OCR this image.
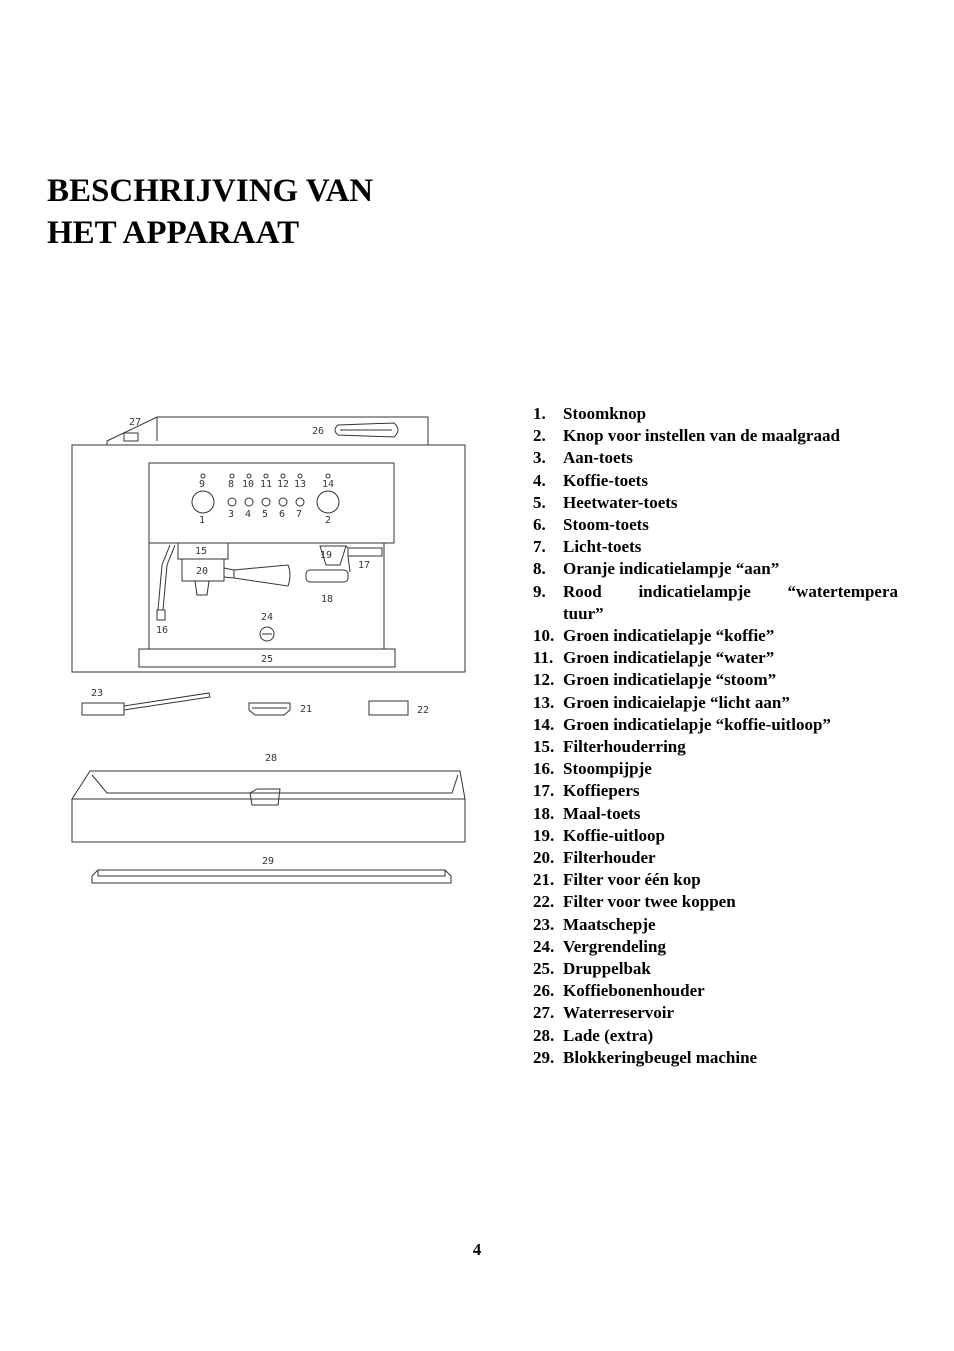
BESCHRIJVING VAN
HET APPARAAT
9 8 10 11 12 13 14
1
3 4 5 6 7
2
15
20
19
17
18
16
24
25
26
27
23
21	22
28
29
1.	Stoomknop
2.	Knop voor instellen van de maalgraad
3.	Aan-toets
4.	Koffie-toets
5.	Heetwater-toets
6.	Stoom-toets
7.	Licht-toets
8.	Oranje indicatielampje “aan”
9.	Rood indicatielampje “watertempera
tuur”
10. Groen indicatielapje “koffie”
11. Groen indicatielapje “water”
12. Groen indicatielapje “stoom”
13. Groen indicaielapje “licht aan”
14. Groen indicatielapje “koffie-uitloop”
15. Filterhouderring
16. Stoompijpje
17. Koffiepers
18. Maal-toets
19. Koffie-uitloop
20. Filterhouder
21. Filter voor één kop
22. Filter voor twee koppen
23. Maatschepje
24. Vergrendeling
25. Druppelbak
26. Koffiebonenhouder
27. Waterreservoir
28. Lade (extra)
29. Blokkeringbeugel machine
4
